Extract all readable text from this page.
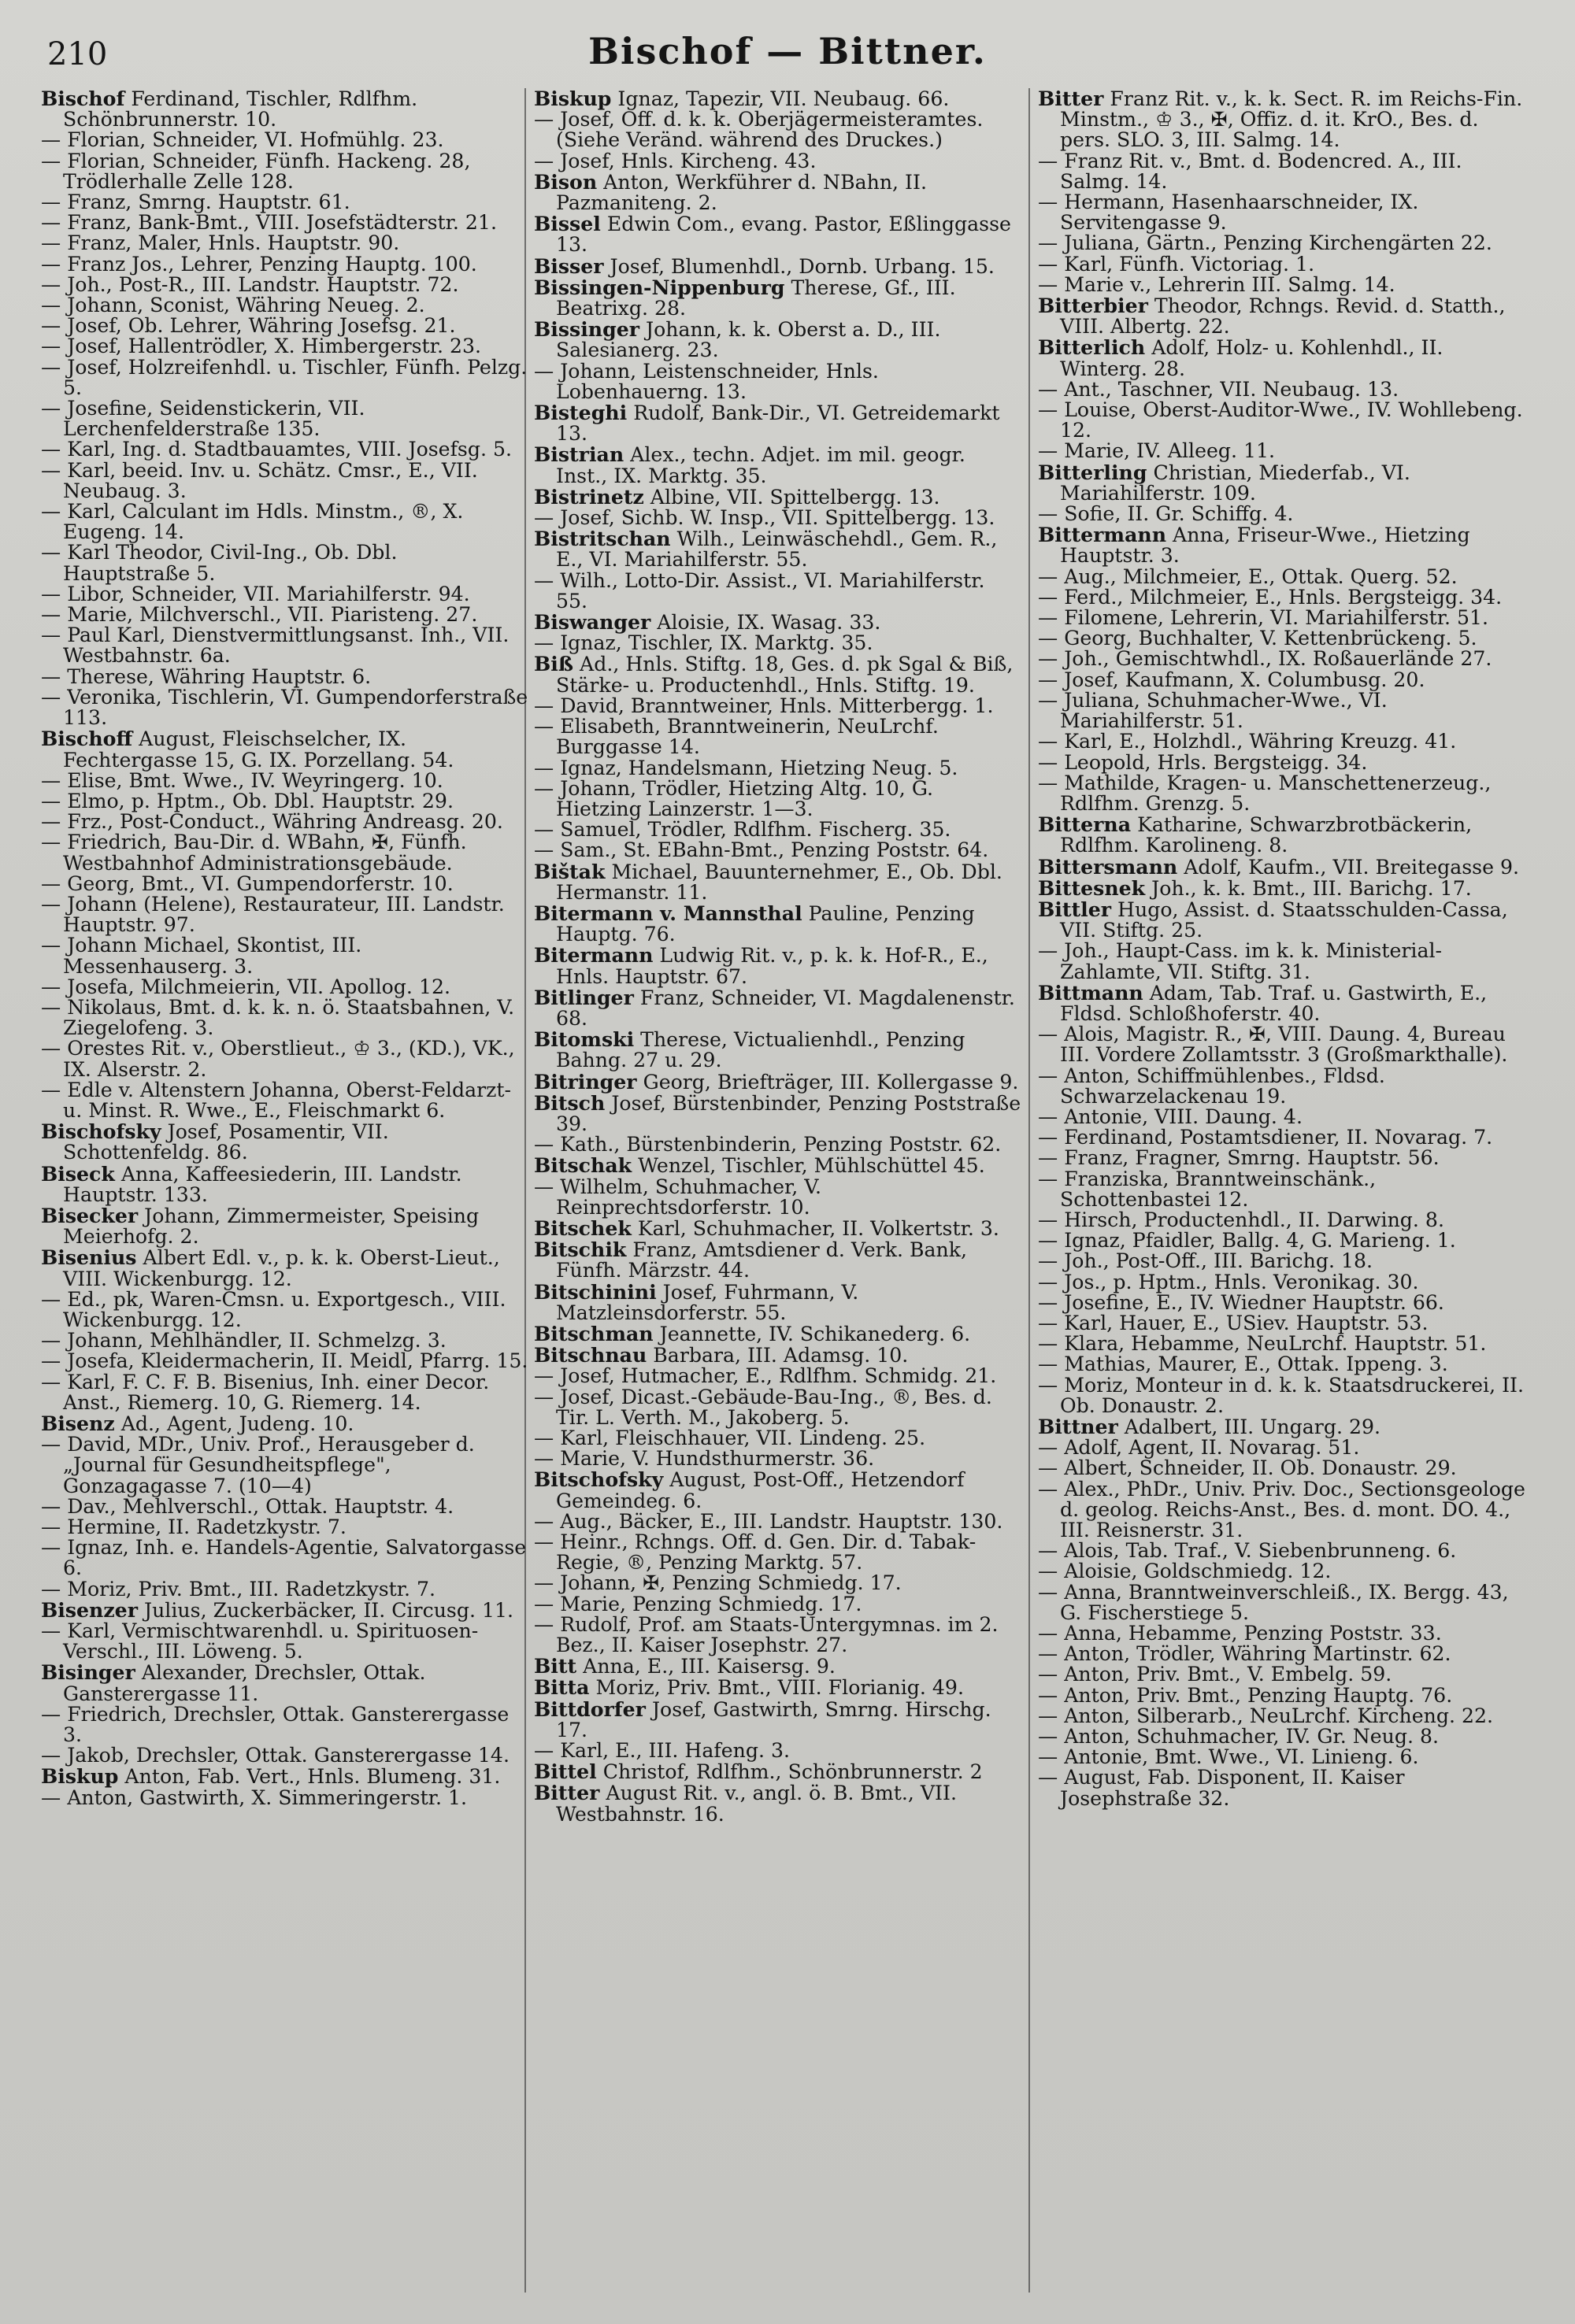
Bischof — Bittner.
210

Bischof Ferdinand, Tischler, Rdlfhm. Schönbrunnerstr. 10.

— Florian, Schneider, VI. Hofmühlg. 23.

— Florian, Schneider, Fünfh. Hackeng. 28, Trödlerhalle Zelle 128.

— Franz, Smrng. Hauptstr. 61.

— Franz, Bank-Bmt., VIII. Josefstädterstr. 21.

— Franz, Maler, Hnls. Hauptstr. 90.

— Franz Jos., Lehrer, Penzing Hauptg. 100.

— Joh., Post-R., III. Landstr. Hauptstr. 72.

— Johann, Sconist, Währing Neueg. 2.

— Josef, Ob. Lehrer, Währing Josefsg. 21.

— Josef, Hallentrödler, X. Himbergerstr. 23.

— Josef, Holzreifenhdl. u. Tischler, Fünfh. Pelzg. 5.

— Josefine, Seidenstickerin, VII. Lerchenfelderstraße 135.

— Karl, Ing. d. Stadtbauamtes, VIII. Josefsg. 5.

— Karl, beeid. Inv. u. Schätz. Cmsr., E., VII. Neubaug. 3.

— Karl, Calculant im Hdls. Minstm., ®, X. Eugeng. 14.

— Karl Theodor, Civil-Ing., Ob. Dbl. Hauptstraße 5.

— Libor, Schneider, VII. Mariahilferstr. 94.

— Marie, Milchverschl., VII. Piaristeng. 27.

— Paul Karl, Dienstvermittlungsanst. Inh., VII. Westbahnstr. 6a.

— Therese, Währing Hauptstr. 6.

— Veronika, Tischlerin, VI. Gumpendorferstraße 113.

Bischoff August, Fleischselcher, IX. Fechtergasse 15, G. IX. Porzellang. 54.

— Elise, Bmt. Wwe., IV. Weyringerg. 10.

— Elmo, p. Hptm., Ob. Dbl. Hauptstr. 29.

— Frz., Post-Conduct., Währing Andreasg. 20.

— Friedrich, Bau-Dir. d. WBahn, ✠, Fünfh. Westbahnhof Administrationsgebäude.

— Georg, Bmt., VI. Gumpendorferstr. 10.

— Johann (Helene), Restaurateur, III. Landstr. Hauptstr. 97.

— Johann Michael, Skontist, III. Messenhauserg. 3.

— Josefa, Milchmeierin, VII. Apollog. 12.

— Nikolaus, Bmt. d. k. k. n. ö. Staatsbahnen, V. Ziegelofeng. 3.

— Orestes Rit. v., Oberstlieut., ♔ 3., (KD.), VK., IX. Alserstr. 2.

— Edle v. Altenstern Johanna, Oberst-Feldarzt- u. Minst. R. Wwe., E., Fleischmarkt 6.

Bischofsky Josef, Posamentir, VII. Schottenfeldg. 86.

Biseck Anna, Kaffeesiederin, III. Landstr. Hauptstr. 133.

Bisecker Johann, Zimmermeister, Speising Meierhofg. 2.

Bisenius Albert Edl. v., p. k. k. Oberst-Lieut., VIII. Wickenburgg. 12.

— Ed., pk, Waren-Cmsn. u. Exportgesch., VIII. Wickenburgg. 12.

— Johann, Mehlhändler, II. Schmelzg. 3.

— Josefa, Kleidermacherin, II. Meidl, Pfarrg. 15.

— Karl, F. C. F. B. Bisenius, Inh. einer Decor. Anst., Riemerg. 10, G. Riemerg. 14.

Bisenz Ad., Agent, Judeng. 10.

— David, MDr., Univ. Prof., Herausgeber d. „Journal für Gesundheitspflege", Gonzagagasse 7. (10—4)

— Dav., Mehlverschl., Ottak. Hauptstr. 4.

— Hermine, II. Radetzkystr. 7.

— Ignaz, Inh. e. Handels-Agentie, Salvatorgasse 6.

— Moriz, Priv. Bmt., III. Radetzkystr. 7.

Bisenzer Julius, Zuckerbäcker, II. Circusg. 11.

— Karl, Vermischtwarenhdl. u. Spirituosen-Verschl., III. Löweng. 5.

Bisinger Alexander, Drechsler, Ottak. Gansterergasse 11.

— Friedrich, Drechsler, Ottak. Gansterergasse 3.

— Jakob, Drechsler, Ottak. Gansterergasse 14.

Biskup Anton, Fab. Vert., Hnls. Blumeng. 31.

— Anton, Gastwirth, X. Simmeringerstr. 1.

Biskup Ignaz, Tapezir, VII. Neubaug. 66.

— Josef, Off. d. k. k. Oberjägermeisteramtes. (Siehe Veränd. während des Druckes.)

— Josef, Hnls. Kircheng. 43.

Bison Anton, Werkführer d. NBahn, II. Pazmaniteng. 2.

Bissel Edwin Com., evang. Pastor, Eßlinggasse 13.

Bisser Josef, Blumenhdl., Dornb. Urbang. 15.

Bissingen-Nippenburg Therese, Gf., III. Beatrixg. 28.

Bissinger Johann, k. k. Oberst a. D., III. Salesianerg. 23.

— Johann, Leistenschneider, Hnls. Lobenhauerng. 13.

Bisteghi Rudolf, Bank-Dir., VI. Getreidemarkt 13.

Bistrian Alex., techn. Adjet. im mil. geogr. Inst., IX. Marktg. 35.

Bistrinetz Albine, VII. Spittelbergg. 13.

— Josef, Sichb. W. Insp., VII. Spittelbergg. 13.

Bistritschan Wilh., Leinwäschehdl., Gem. R., E., VI. Mariahilferstr. 55.

— Wilh., Lotto-Dir. Assist., VI. Mariahilferstr. 55.

Biswanger Aloisie, IX. Wasag. 33.

— Ignaz, Tischler, IX. Marktg. 35.

Biß Ad., Hnls. Stiftg. 18, Ges. d. pk Sgal & Biß, Stärke- u. Productenhdl., Hnls. Stiftg. 19.

— David, Branntweiner, Hnls. Mitterbergg. 1.

— Elisabeth, Branntweinerin, NeuLrchf. Burggasse 14.

— Ignaz, Handelsmann, Hietzing Neug. 5.

— Johann, Trödler, Hietzing Altg. 10, G. Hietzing Lainzerstr. 1—3.

— Samuel, Trödler, Rdlfhm. Fischerg. 35.

— Sam., St. EBahn-Bmt., Penzing Poststr. 64.

Bištak Michael, Bauunternehmer, E., Ob. Dbl. Hermanstr. 11.

Bitermann v. Mannsthal Pauline, Penzing Hauptg. 76.

Bitermann Ludwig Rit. v., p. k. k. Hof-R., E., Hnls. Hauptstr. 67.

Bitlinger Franz, Schneider, VI. Magdalenenstr. 68.

Bitomski Therese, Victualienhdl., Penzing Bahng. 27 u. 29.

Bitringer Georg, Briefträger, III. Kollergasse 9.

Bitsch Josef, Bürstenbinder, Penzing Poststraße 39.

— Kath., Bürstenbinderin, Penzing Poststr. 62.

Bitschak Wenzel, Tischler, Mühlschüttel 45.

— Wilhelm, Schuhmacher, V. Reinprechtsdorferstr. 10.

Bitschek Karl, Schuhmacher, II. Volkertstr. 3.

Bitschik Franz, Amtsdiener d. Verk. Bank, Fünfh. Märzstr. 44.

Bitschinini Josef, Fuhrmann, V. Matzleinsdorferstr. 55.

Bitschman Jeannette, IV. Schikanederg. 6.

Bitschnau Barbara, III. Adamsg. 10.

— Josef, Hutmacher, E., Rdlfhm. Schmidg. 21.

— Josef, Dicast.-Gebäude-Bau-Ing., ®, Bes. d. Tir. L. Verth. M., Jakoberg. 5.

— Karl, Fleischhauer, VII. Lindeng. 25.

— Marie, V. Hundsthurmerstr. 36.

Bitschofsky August, Post-Off., Hetzendorf Gemeindeg. 6.

— Aug., Bäcker, E., III. Landstr. Hauptstr. 130.

— Heinr., Rchngs. Off. d. Gen. Dir. d. Tabak-Regie, ®, Penzing Marktg. 57.

— Johann, ✠, Penzing Schmiedg. 17.

— Marie, Penzing Schmiedg. 17.

— Rudolf, Prof. am Staats-Untergymnas. im 2. Bez., II. Kaiser Josephstr. 27.

Bitt Anna, E., III. Kaisersg. 9.

Bitta Moriz, Priv. Bmt., VIII. Florianig. 49.

Bittdorfer Josef, Gastwirth, Smrng. Hirschg. 17.

— Karl, E., III. Hafeng. 3.

Bittel Christof, Rdlfhm., Schönbrunnerstr. 2

Bitter August Rit. v., angl. ö. B. Bmt., VII. Westbahnstr. 16.

Bitter Franz Rit. v., k. k. Sect. R. im Reichs-Fin. Minstm., ♔ 3., ✠, Offiz. d. it. KrO., Bes. d. pers. SLO. 3, III. Salmg. 14.

— Franz Rit. v., Bmt. d. Bodencred. A., III. Salmg. 14.

— Hermann, Hasenhaarschneider, IX. Servitengasse 9.

— Juliana, Gärtn., Penzing Kirchengärten 22.

— Karl, Fünfh. Victoriag. 1.

— Marie v., Lehrerin III. Salmg. 14.

Bitterbier Theodor, Rchngs. Revid. d. Statth., VIII. Albertg. 22.

Bitterlich Adolf, Holz- u. Kohlenhdl., II. Winterg. 28.

— Ant., Taschner, VII. Neubaug. 13.

— Louise, Oberst-Auditor-Wwe., IV. Wohllebeng. 12.

— Marie, IV. Alleeg. 11.

Bitterling Christian, Miederfab., VI. Mariahilferstr. 109.

— Sofie, II. Gr. Schiffg. 4.

Bittermann Anna, Friseur-Wwe., Hietzing Hauptstr. 3.

— Aug., Milchmeier, E., Ottak. Querg. 52.

— Ferd., Milchmeier, E., Hnls. Bergsteigg. 34.

— Filomene, Lehrerin, VI. Mariahilferstr. 51.

— Georg, Buchhalter, V. Kettenbrückeng. 5.

— Joh., Gemischtwhdl., IX. Roßauerlände 27.

— Josef, Kaufmann, X. Columbusg. 20.

— Juliana, Schuhmacher-Wwe., VI. Mariahilferstr. 51.

— Karl, E., Holzhdl., Währing Kreuzg. 41.

— Leopold, Hrls. Bergsteigg. 34.

— Mathilde, Kragen- u. Manschettenerzeug., Rdlfhm. Grenzg. 5.

Bitterna Katharine, Schwarzbrotbäckerin, Rdlfhm. Karolineng. 8.

Bittersmann Adolf, Kaufm., VII. Breitegasse 9.

Bittesnek Joh., k. k. Bmt., III. Barichg. 17.

Bittler Hugo, Assist. d. Staatsschulden-Cassa, VII. Stiftg. 25.

— Joh., Haupt-Cass. im k. k. Ministerial-Zahlamte, VII. Stiftg. 31.

Bittmann Adam, Tab. Traf. u. Gastwirth, E., Fldsd. Schloßhoferstr. 40.

— Alois, Magistr. R., ✠, VIII. Daung. 4, Bureau III. Vordere Zollamtsstr. 3 (Großmarkthalle).

— Anton, Schiffmühlenbes., Fldsd. Schwarzelackenau 19.

— Antonie, VIII. Daung. 4.

— Ferdinand, Postamtsdiener, II. Novarag. 7.

— Franz, Fragner, Smrng. Hauptstr. 56.

— Franziska, Branntweinschänk., Schottenbastei 12.

— Hirsch, Productenhdl., II. Darwing. 8.

— Ignaz, Pfaidler, Ballg. 4, G. Marieng. 1.

— Joh., Post-Off., III. Barichg. 18.

— Jos., p. Hptm., Hnls. Veronikag. 30.

— Josefine, E., IV. Wiedner Hauptstr. 66.

— Karl, Hauer, E., USiev. Hauptstr. 53.

— Klara, Hebamme, NeuLrchf. Hauptstr. 51.

— Mathias, Maurer, E., Ottak. Ippeng. 3.

— Moriz, Monteur in d. k. k. Staatsdruckerei, II. Ob. Donaustr. 2.

Bittner Adalbert, III. Ungarg. 29.

— Adolf, Agent, II. Novarag. 51.

— Albert, Schneider, II. Ob. Donaustr. 29.

— Alex., PhDr., Univ. Priv. Doc., Sectionsgeologe d. geolog. Reichs-Anst., Bes. d. mont. DO. 4., III. Reisnerstr. 31.

— Alois, Tab. Traf., V. Siebenbrunneng. 6.

— Aloisie, Goldschmiedg. 12.

— Anna, Branntweinverschleiß., IX. Bergg. 43, G. Fischerstiege 5.

— Anna, Hebamme, Penzing Poststr. 33.

— Anton, Trödler, Währing Martinstr. 62.

— Anton, Priv. Bmt., V. Embelg. 59.

— Anton, Priv. Bmt., Penzing Hauptg. 76.

— Anton, Silberarb., NeuLrchf. Kircheng. 22.

— Anton, Schuhmacher, IV. Gr. Neug. 8.

— Antonie, Bmt. Wwe., VI. Linieng. 6.

— August, Fab. Disponent, II. Kaiser Josephstraße 32.
